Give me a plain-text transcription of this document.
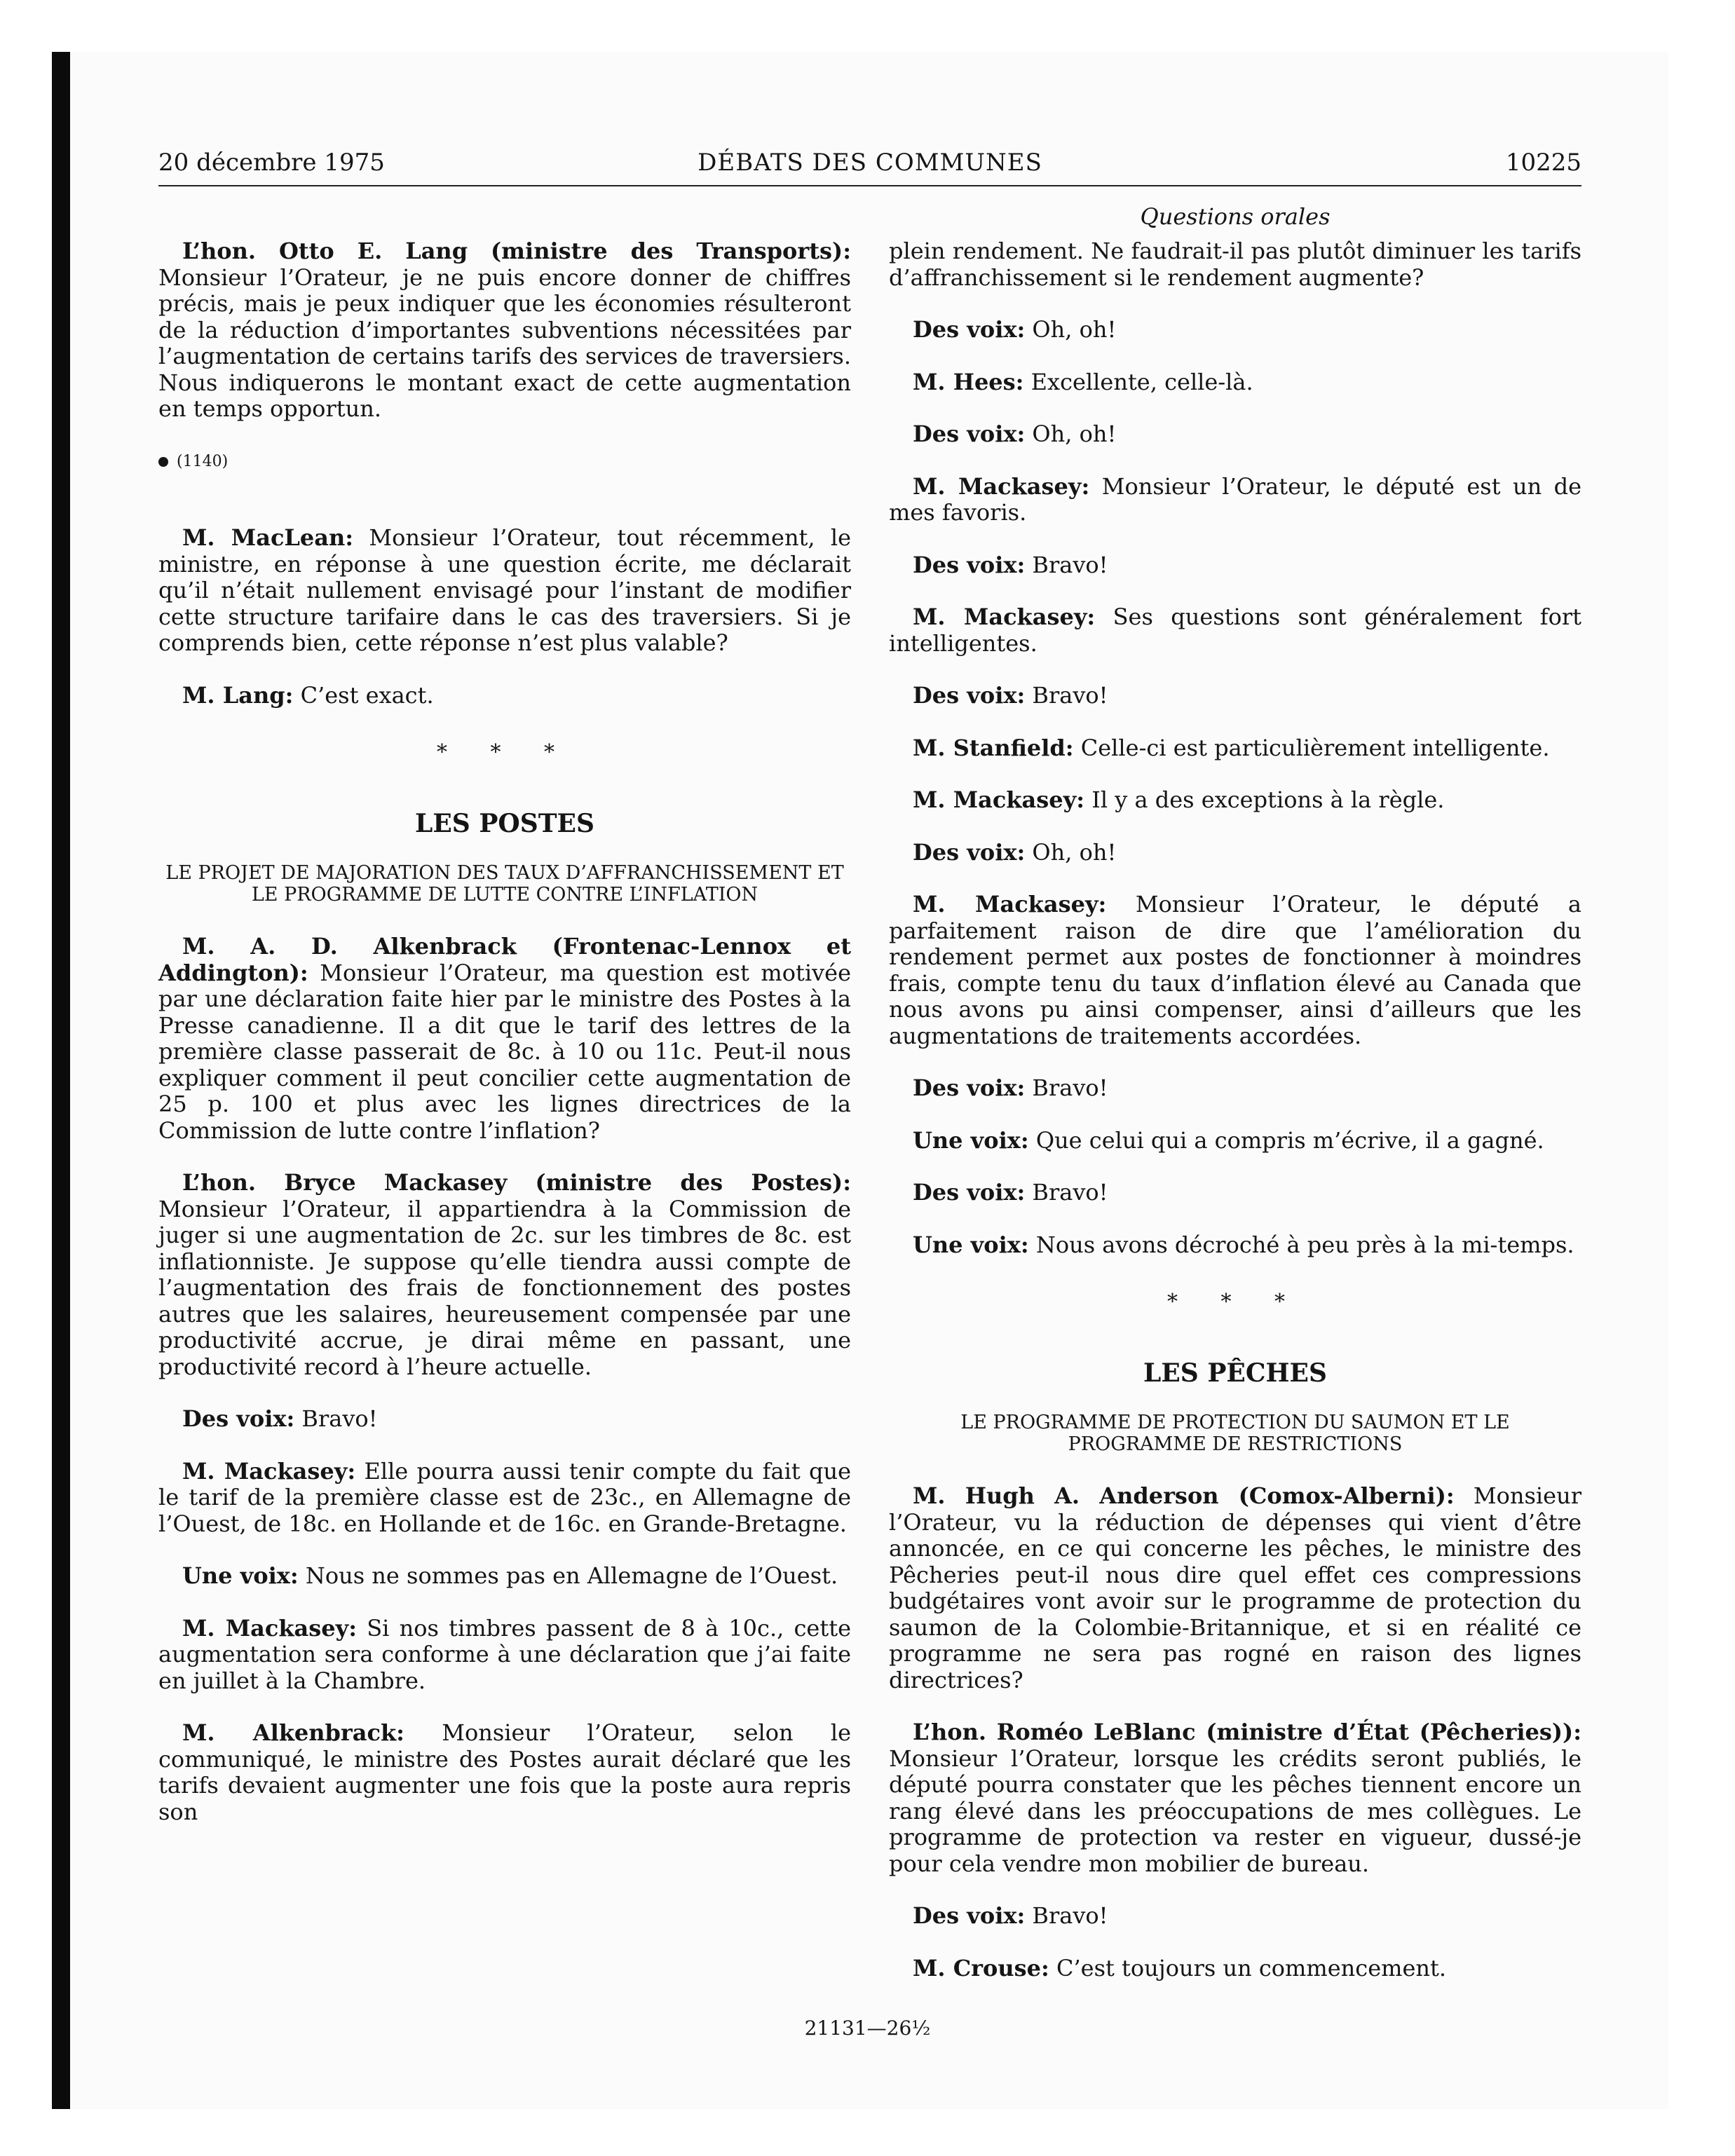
20 décembre 1975	DÉBATS DES COMMUNES	10225
Questions orales

L’hon. Otto E. Lang (ministre des Transports): Monsieur l’Orateur, je ne puis encore donner de chiffres précis, mais je peux indiquer que les économies résulteront de la réduction d’importantes subventions nécessitées par l’augmentation de certains tarifs des services de traversiers. Nous indiquerons le montant exact de cette augmentation en temps opportun.

(1140)

M. MacLean: Monsieur l’Orateur, tout récemment, le ministre, en réponse à une question écrite, me déclarait qu’il n’était nullement envisagé pour l’instant de modifier cette structure tarifaire dans le cas des traversiers. Si je comprends bien, cette réponse n’est plus valable?

M. Lang: C’est exact.

* * *
LES POSTES
LE PROJET DE MAJORATION DES TAUX D’AFFRANCHISSEMENT ET LE PROGRAMME DE LUTTE CONTRE L’INFLATION

M. A. D. Alkenbrack (Frontenac-Lennox et Addington): Monsieur l’Orateur, ma question est motivée par une déclaration faite hier par le ministre des Postes à la Presse canadienne. Il a dit que le tarif des lettres de la première classe passerait de 8c. à 10 ou 11c. Peut-il nous expliquer comment il peut concilier cette augmentation de 25 p. 100 et plus avec les lignes directrices de la Commission de lutte contre l’inflation?

L’hon. Bryce Mackasey (ministre des Postes): Monsieur l’Orateur, il appartiendra à la Commission de juger si une augmentation de 2c. sur les timbres de 8c. est inflationniste. Je suppose qu’elle tiendra aussi compte de l’augmentation des frais de fonctionnement des postes autres que les salaires, heureusement compensée par une productivité accrue, je dirai même en passant, une productivité record à l’heure actuelle.

Des voix: Bravo!

M. Mackasey: Elle pourra aussi tenir compte du fait que le tarif de la première classe est de 23c., en Allemagne de l’Ouest, de 18c. en Hollande et de 16c. en Grande-Bretagne.

Une voix: Nous ne sommes pas en Allemagne de l’Ouest.

M. Mackasey: Si nos timbres passent de 8 à 10c., cette augmentation sera conforme à une déclaration que j’ai faite en juillet à la Chambre.

M. Alkenbrack: Monsieur l’Orateur, selon le communiqué, le ministre des Postes aurait déclaré que les tarifs devaient augmenter une fois que la poste aura repris son

plein rendement. Ne faudrait-il pas plutôt diminuer les tarifs d’affranchissement si le rendement augmente?

Des voix: Oh, oh!

M. Hees: Excellente, celle-là.

Des voix: Oh, oh!

M. Mackasey: Monsieur l’Orateur, le député est un de mes favoris.

Des voix: Bravo!

M. Mackasey: Ses questions sont généralement fort intelligentes.

Des voix: Bravo!

M. Stanfield: Celle-ci est particulièrement intelligente.

M. Mackasey: Il y a des exceptions à la règle.

Des voix: Oh, oh!

M. Mackasey: Monsieur l’Orateur, le député a parfaitement raison de dire que l’amélioration du rendement permet aux postes de fonctionner à moindres frais, compte tenu du taux d’inflation élevé au Canada que nous avons pu ainsi compenser, ainsi d’ailleurs que les augmentations de traitements accordées.

Des voix: Bravo!

Une voix: Que celui qui a compris m’écrive, il a gagné.

Des voix: Bravo!

Une voix: Nous avons décroché à peu près à la mi-temps.

* * *
LES PÊCHES
LE PROGRAMME DE PROTECTION DU SAUMON ET LE PROGRAMME DE RESTRICTIONS

M. Hugh A. Anderson (Comox-Alberni): Monsieur l’Orateur, vu la réduction de dépenses qui vient d’être annoncée, en ce qui concerne les pêches, le ministre des Pêcheries peut-il nous dire quel effet ces compressions budgétaires vont avoir sur le programme de protection du saumon de la Colombie-Britannique, et si en réalité ce programme ne sera pas rogné en raison des lignes directrices?

L’hon. Roméo LeBlanc (ministre d’État (Pêcheries)): Monsieur l’Orateur, lorsque les crédits seront publiés, le député pourra constater que les pêches tiennent encore un rang élevé dans les préoccupations de mes collègues. Le programme de protection va rester en vigueur, dussé-je pour cela vendre mon mobilier de bureau.

Des voix: Bravo!

M. Crouse: C’est toujours un commencement.

21131—26½
